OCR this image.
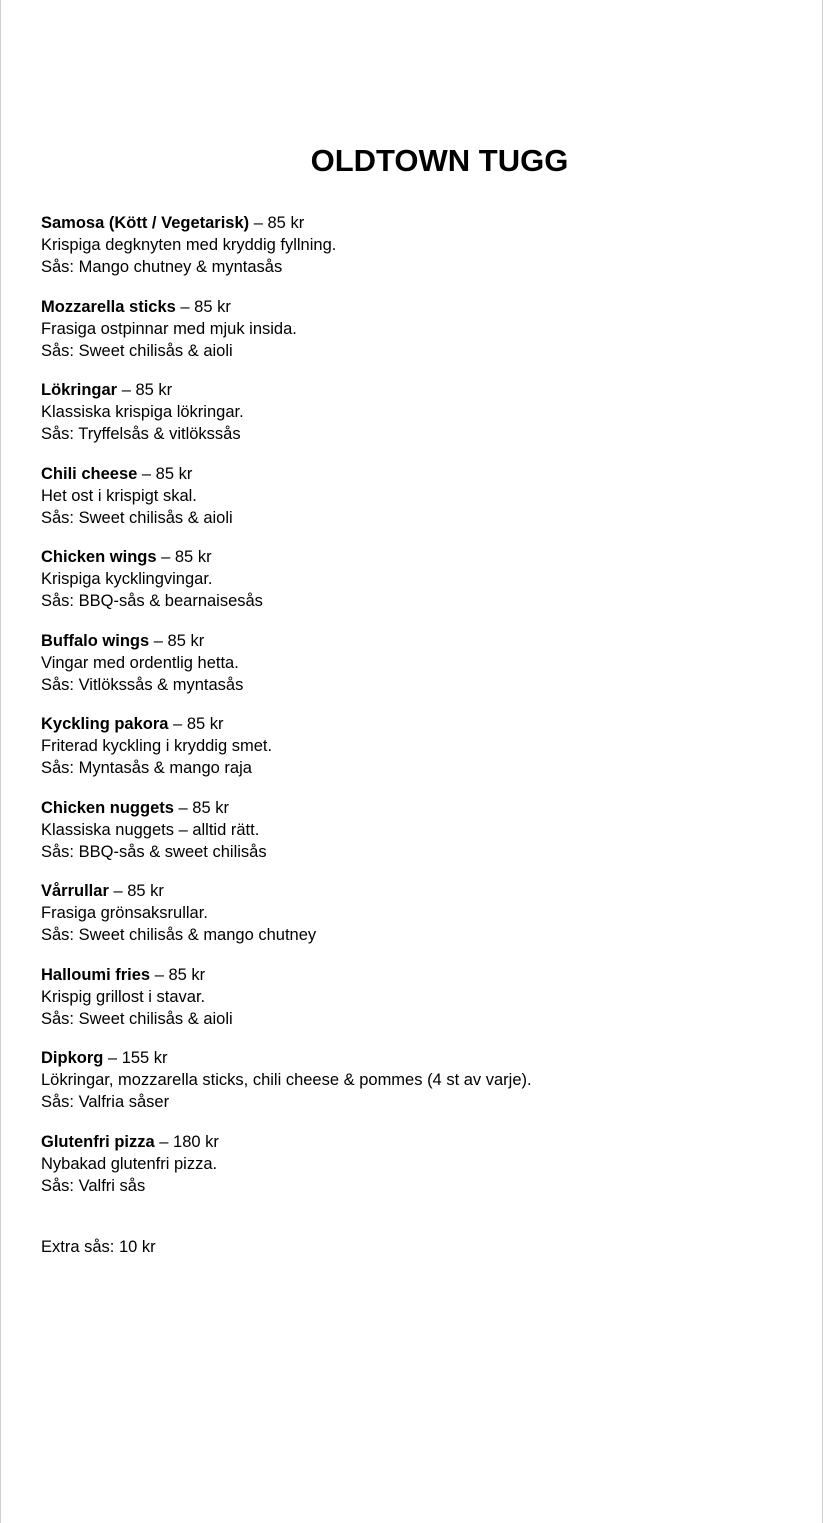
OLDTOWN TUGG
Samosa (Kött / Vegetarisk) – 85 kr
Krispiga degknyten med kryddig fyllning.
Sås: Mango chutney & myntasås
Mozzarella sticks – 85 kr
Frasiga ostpinnar med mjuk insida.
Sås: Sweet chilisås & aioli
Lökringar – 85 kr
Klassiska krispiga lökringar.
Sås: Tryffelsås & vitlökssås
Chili cheese – 85 kr
Het ost i krispigt skal.
Sås: Sweet chilisås & aioli
Chicken wings – 85 kr
Krispiga kycklingvingar.
Sås: BBQ-sås & bearnaisesås
Buffalo wings – 85 kr
Vingar med ordentlig hetta.
Sås: Vitlökssås & myntasås
Kyckling pakora – 85 kr
Friterad kyckling i kryddig smet.
Sås: Myntasås & mango raja
Chicken nuggets – 85 kr
Klassiska nuggets – alltid rätt.
Sås: BBQ-sås & sweet chilisås
Vårrullar – 85 kr
Frasiga grönsaksrullar.
Sås: Sweet chilisås & mango chutney
Halloumi fries – 85 kr
Krispig grillost i stavar.
Sås: Sweet chilisås & aioli
Dipkorg – 155 kr
Lökringar, mozzarella sticks, chili cheese & pommes (4 st av varje).
Sås: Valfria såser
Glutenfri pizza – 180 kr
Nybakad glutenfri pizza.
Sås: Valfri sås
Extra sås: 10 kr
